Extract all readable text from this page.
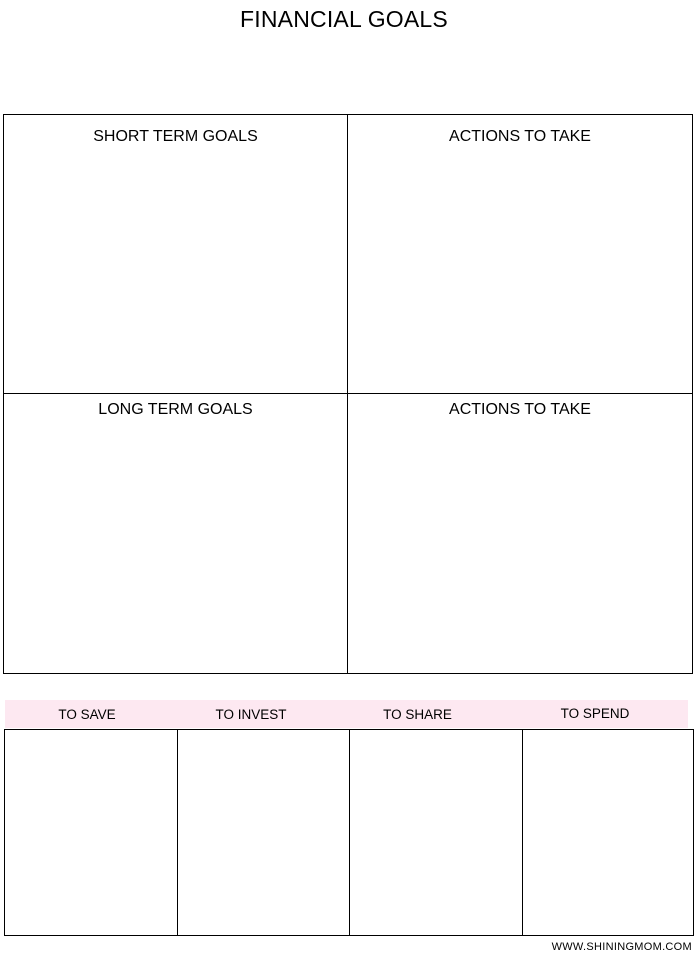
FINANCIAL GOALS
SHORT TERM GOALS	ACTIONS TO TAKE
LONG TERM GOALS	ACTIONS TO TAKE
TO SAVE	TO INVEST	TO SHARE	TO SPEND
WWW.SHININGMOM.COM
